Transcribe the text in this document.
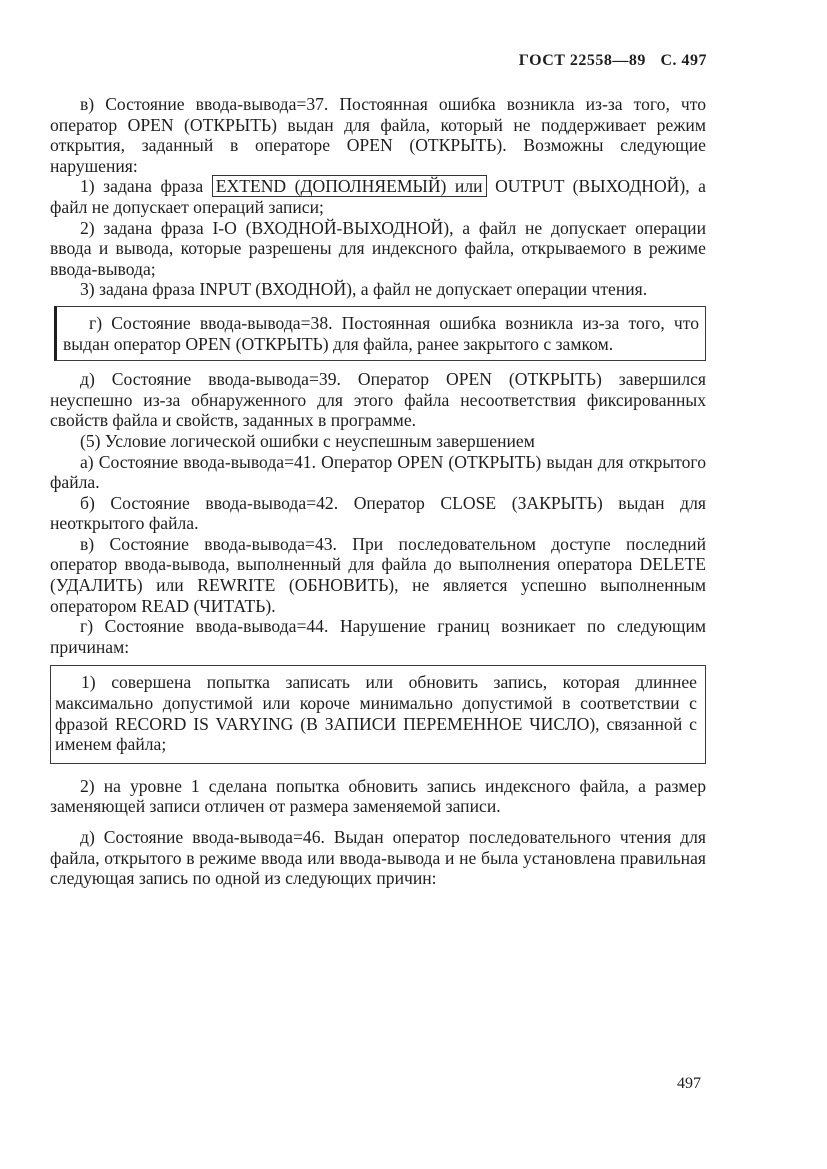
ГОСТ 22558—89 С. 497

в) Состояние ввода-вывода=37. Постоянная ошибка возникла из-за того, что оператор OPEN (ОТКРЫТЬ) выдан для файла, который не поддерживает режим открытия, заданный в операторе OPEN (ОТКРЫТЬ). Возможны следующие нарушения:

1) задана фраза EXTEND (ДОПОЛНЯЕМЫЙ) или OUTPUT (ВЫХОДНОЙ), а файл не допускает операций записи;

2) задана фраза I-O (ВХОДНОЙ-ВЫХОДНОЙ), а файл не допускает операции ввода и вывода, которые разрешены для индексного файла, открываемого в режиме ввода-вывода;

3) задана фраза INPUT (ВХОДНОЙ), а файл не допускает операции чтения.

г) Состояние ввода-вывода=38. Постоянная ошибка возникла из-за того, что выдан оператор OPEN (ОТКРЫТЬ) для файла, ранее закрытого с замком.

д) Состояние ввода-вывода=39. Оператор OPEN (ОТКРЫТЬ) завершился неуспешно из-за обнаруженного для этого файла несоответствия фиксированных свойств файла и свойств, заданных в программе.

(5) Условие логической ошибки с неуспешным завершением

а) Состояние ввода-вывода=41. Оператор OPEN (ОТКРЫТЬ) выдан для открытого файла.

б) Состояние ввода-вывода=42. Оператор CLOSE (ЗАКРЫТЬ) выдан для неоткрытого файла.

в) Состояние ввода-вывода=43. При последовательном доступе последний оператор ввода-вывода, выполненный для файла до выполнения оператора DELETE (УДАЛИТЬ) или REWRITE (ОБНОВИТЬ), не является успешно выполненным оператором READ (ЧИТАТЬ).

г) Состояние ввода-вывода=44. Нарушение границ возникает по следующим причинам:

1) совершена попытка записать или обновить запись, которая длиннее максимально допустимой или короче минимально допустимой в соответствии с фразой RECORD IS VARYING (В ЗАПИСИ ПЕРЕМЕННОЕ ЧИСЛО), связанной с именем файла;

2) на уровне 1 сделана попытка обновить запись индексного файла, а размер заменяющей записи отличен от размера заменяемой записи.

д) Состояние ввода-вывода=46. Выдан оператор последовательного чтения для файла, открытого в режиме ввода или ввода-вывода и не была установлена правильная следующая запись по одной из следующих причин:

497
